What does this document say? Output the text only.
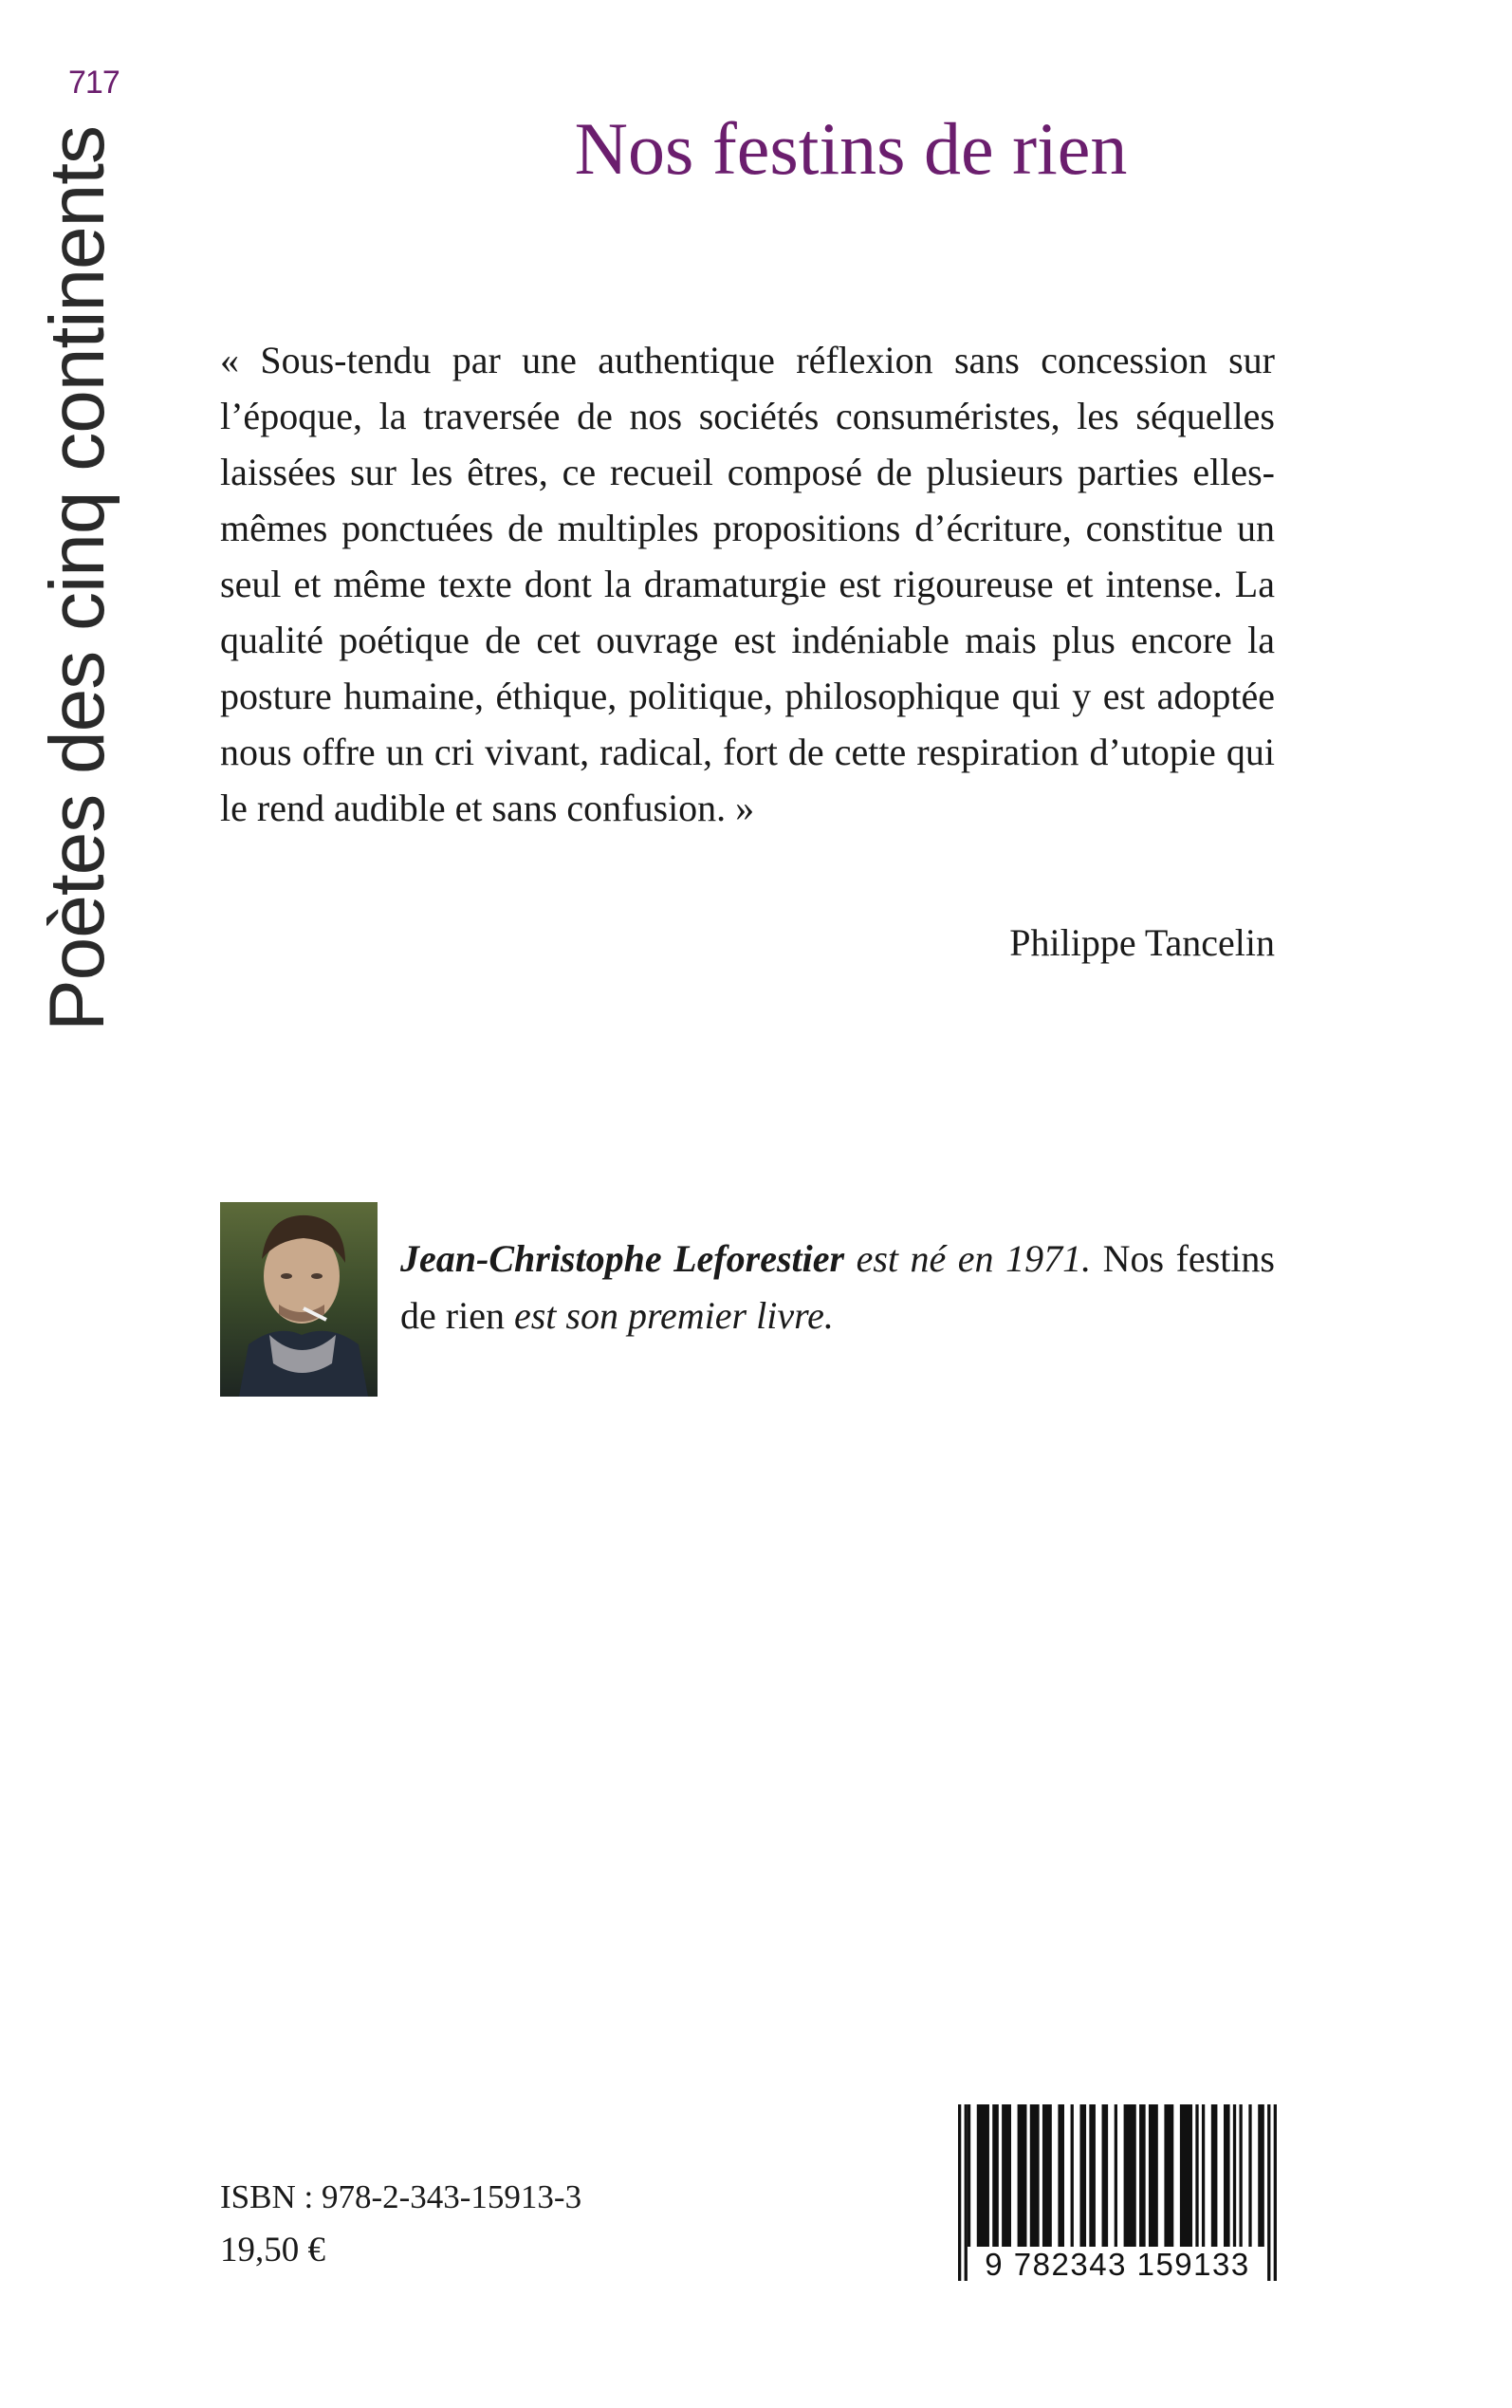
717
Poètes des cinq continents	Nos festins de rien

« Sous-tendu par une authentique réflexion sans concession sur l’époque, la traversée de nos sociétés consuméristes, les séquelles laissées sur les êtres, ce recueil composé de plusieurs parties elles-mêmes ponctuées de multiples propositions d’écriture, constitue un seul et même texte dont la dramaturgie est rigoureuse et intense. La qualité poétique de cet ouvrage est indéniable mais plus encore la posture humaine, éthique, politique, philosophique qui y est adoptée nous offre un cri vivant, radical, fort de cette respiration d’utopie qui le rend audible et sans confusion. »

Philippe Tancelin

Jean-Christophe Leforestier est né en 1971. Nos festins de rien est son premier livre.

ISBN : 978-2-343-15913-3
19,50 €	9 782343 159133
